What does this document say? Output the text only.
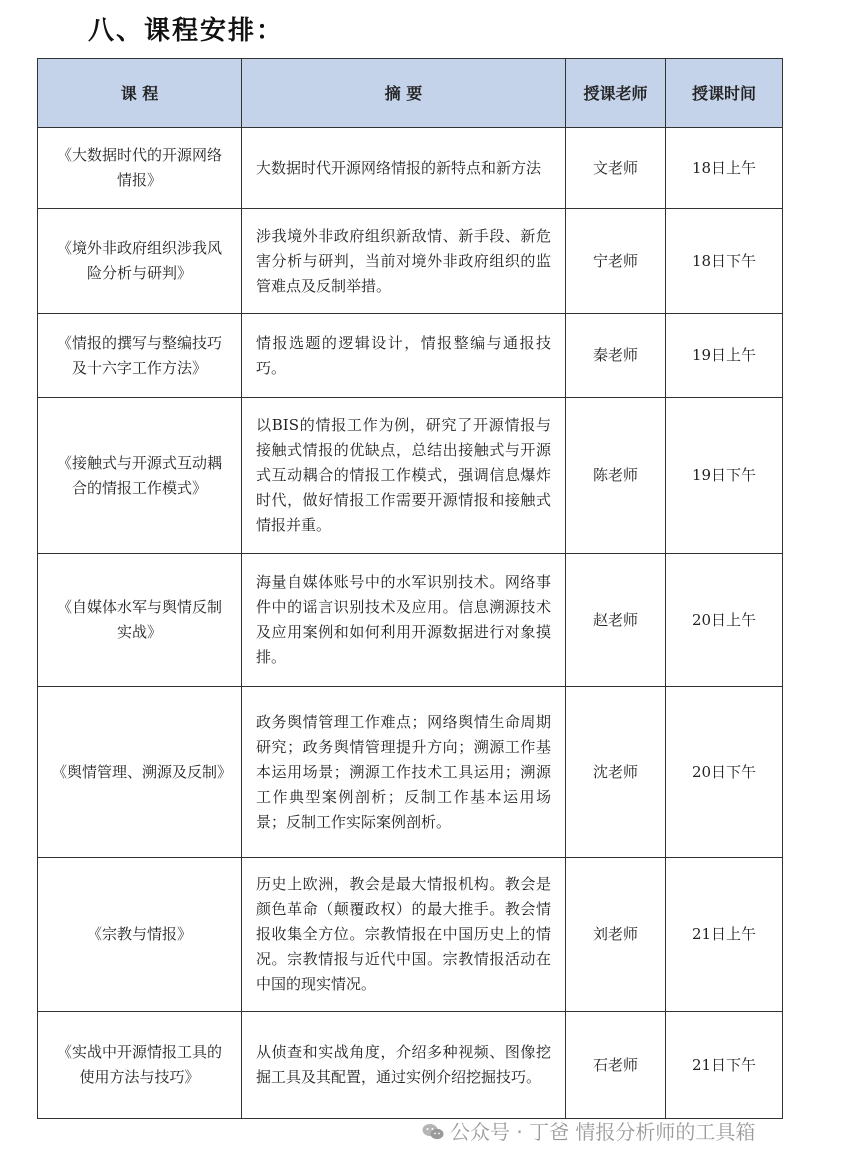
八、课程安排：
课 程	摘 要	授课老师	授课时间
《大数据时代的开源网络情报》	大数据时代开源网络情报的新特点和新方法	文老师	18日上午
《境外非政府组织涉我风险分析与研判》	涉我境外非政府组织新敌情、新手段、新危害分析与研判，当前对境外非政府组织的监管难点及反制举措。	宁老师	18日下午
《情报的撰写与整编技巧及十六字工作方法》	情报选题的逻辑设计，情报整编与通报技巧。	秦老师	19日上午
《接触式与开源式互动耦合的情报工作模式》	以BIS的情报工作为例，研究了开源情报与接触式情报的优缺点，总结出接触式与开源式互动耦合的情报工作模式，强调信息爆炸时代，做好情报工作需要开源情报和接触式情报并重。	陈老师	19日下午
《自媒体水军与舆情反制实战》	海量自媒体账号中的水军识别技术。网络事件中的谣言识别技术及应用。信息溯源技术及应用案例和如何利用开源数据进行对象摸排。	赵老师	20日上午
《舆情管理、溯源及反制》	政务舆情管理工作难点；网络舆情生命周期研究；政务舆情管理提升方向；溯源工作基本运用场景；溯源工作技术工具运用；溯源工作典型案例剖析；反制工作基本运用场景；反制工作实际案例剖析。	沈老师	20日下午
《宗教与情报》	历史上欧洲，教会是最大情报机构。教会是颜色革命（颠覆政权）的最大推手。教会情报收集全方位。宗教情报在中国历史上的情况。宗教情报与近代中国。宗教情报活动在中国的现实情况。	刘老师	21日上午
《实战中开源情报工具的使用方法与技巧》	从侦查和实战角度，介绍多种视频、图像挖掘工具及其配置，通过实例介绍挖掘技巧。	石老师	21日下午
公众号 · 丁爸 情报分析师的工具箱
